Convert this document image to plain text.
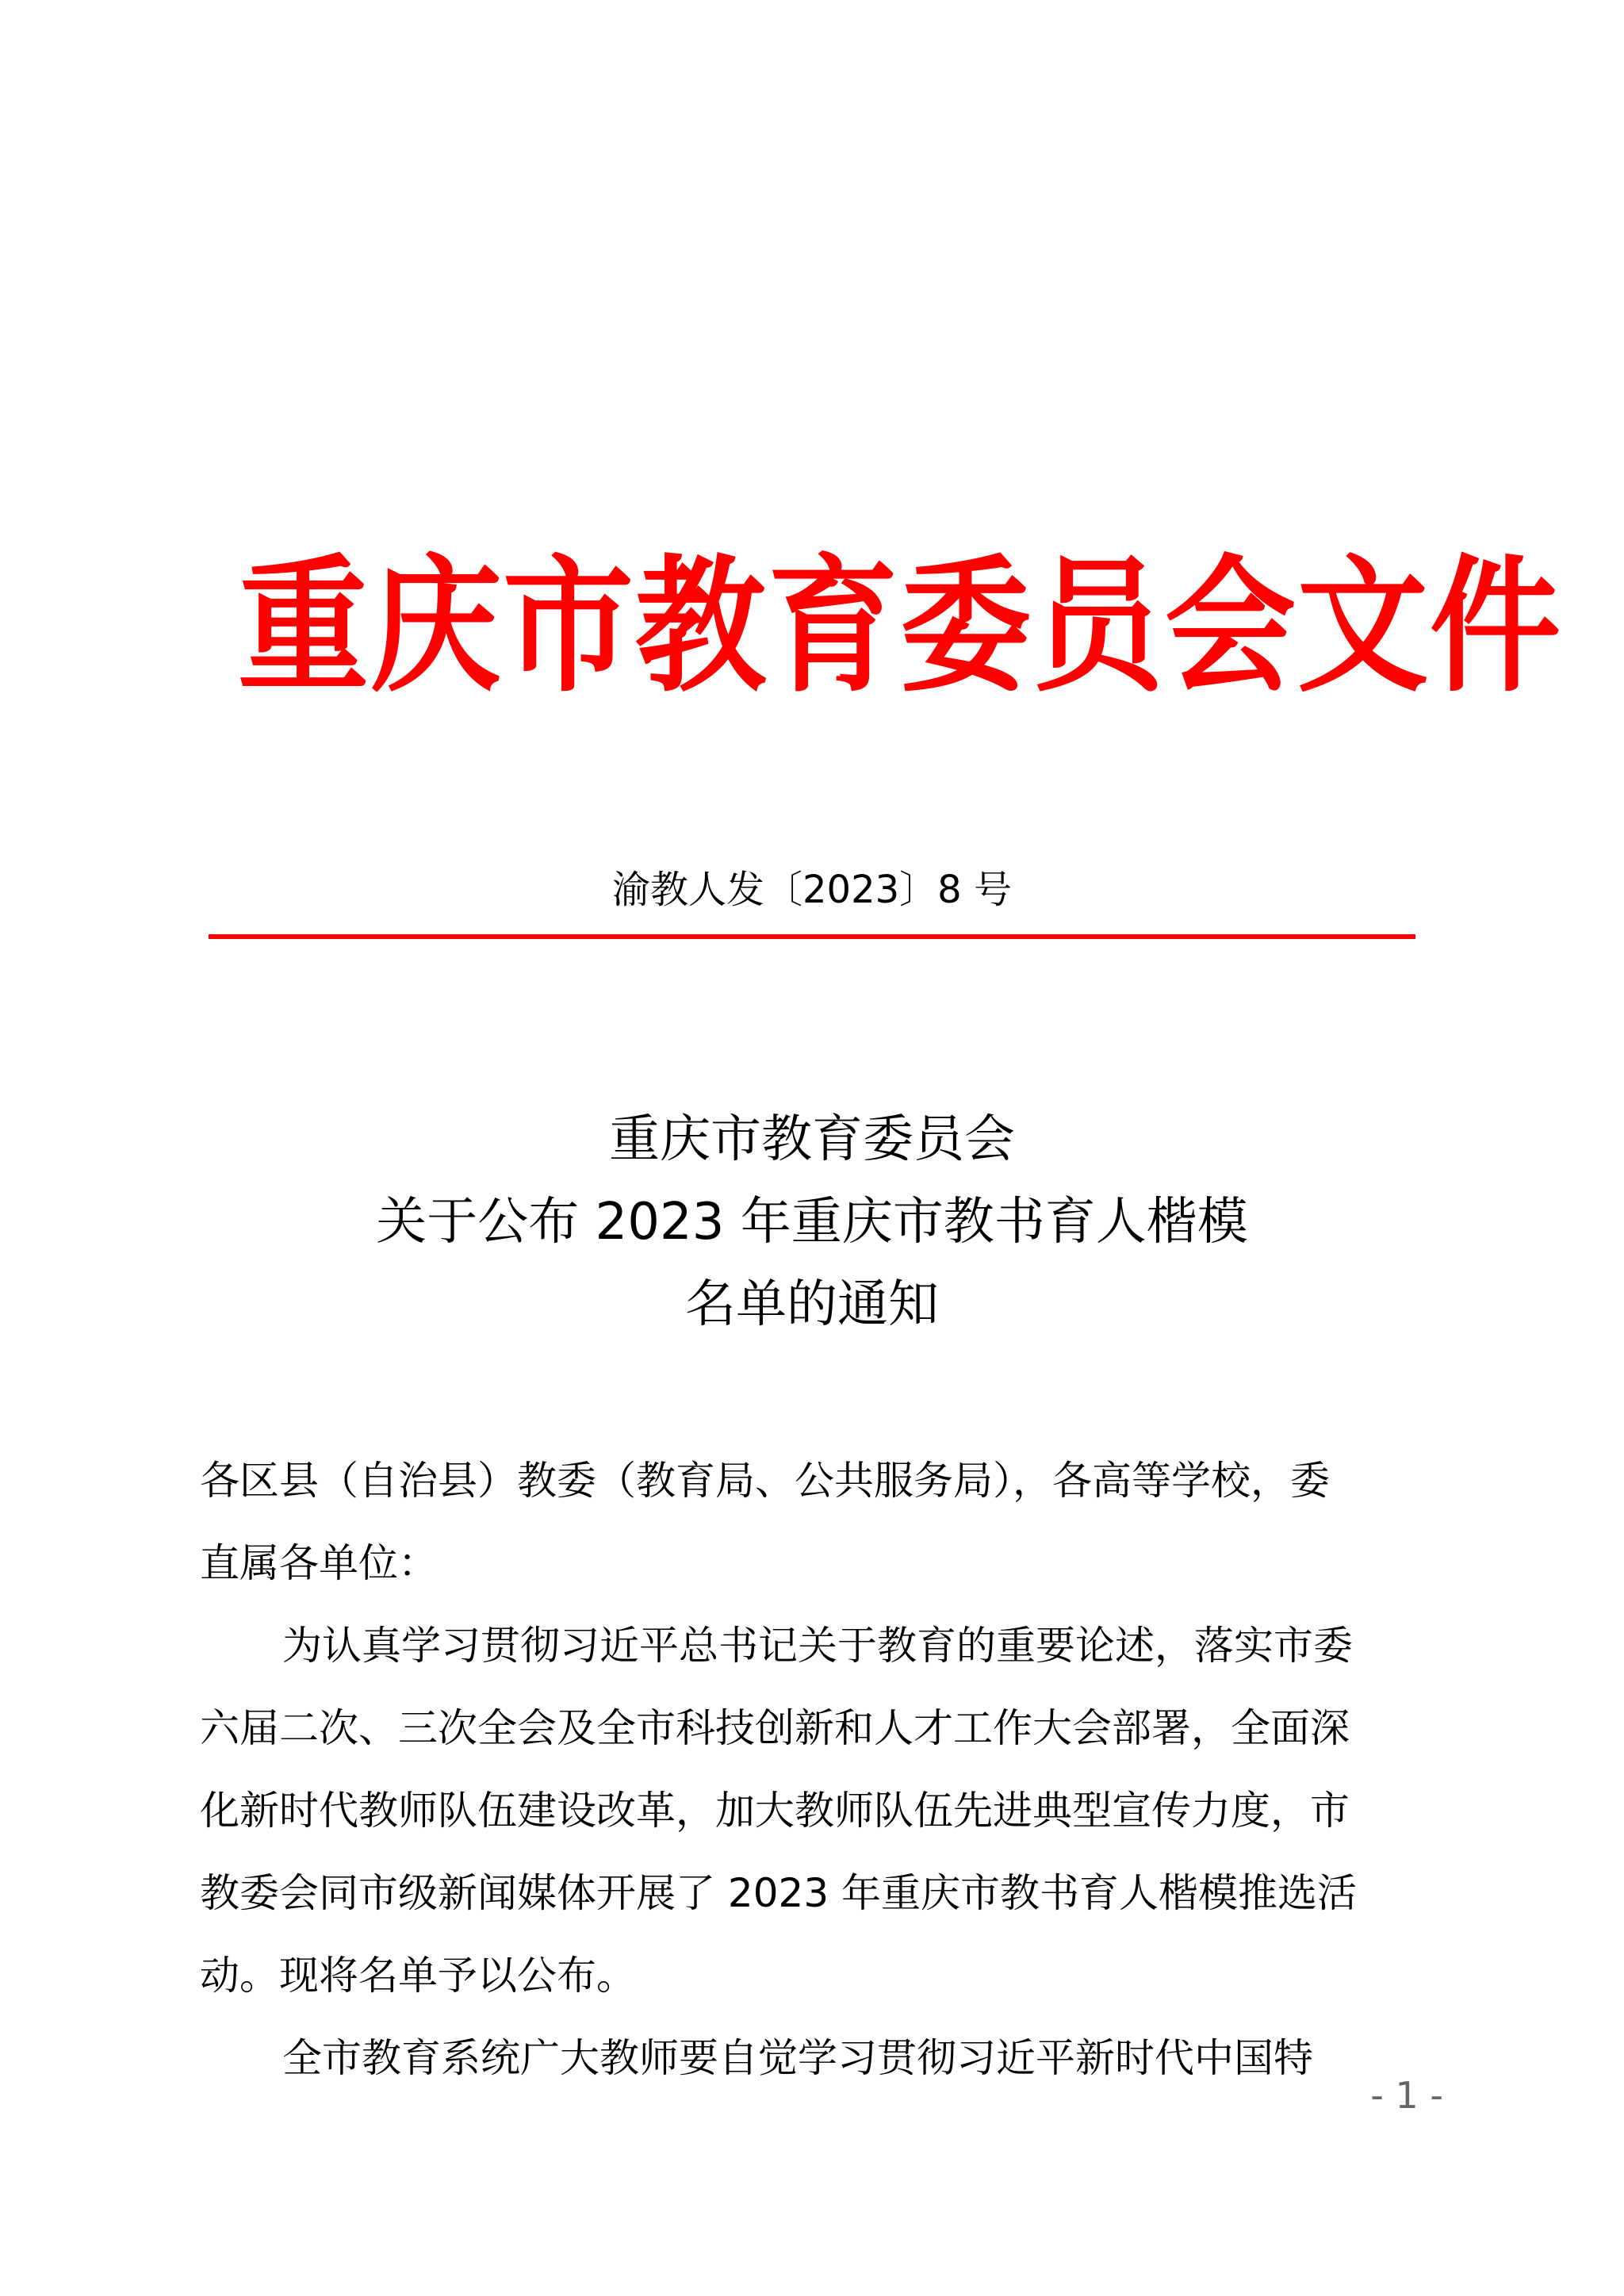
重庆市教育委员会文件
渝教人发〔2023〕8 号
重庆市教育委员会
关于公布 2023 年重庆市教书育人楷模
名单的通知

各区县（自治县）教委（教育局、公共服务局），各高等学校，委
直属各单位：

为认真学习贯彻习近平总书记关于教育的重要论述，落实市委
六届二次、三次全会及全市科技创新和人才工作大会部署，全面深
化新时代教师队伍建设改革，加大教师队伍先进典型宣传力度，市
教委会同市级新闻媒体开展了 2023 年重庆市教书育人楷模推选活
动。现将名单予以公布。

全市教育系统广大教师要自觉学习贯彻习近平新时代中国特

- 1 -
